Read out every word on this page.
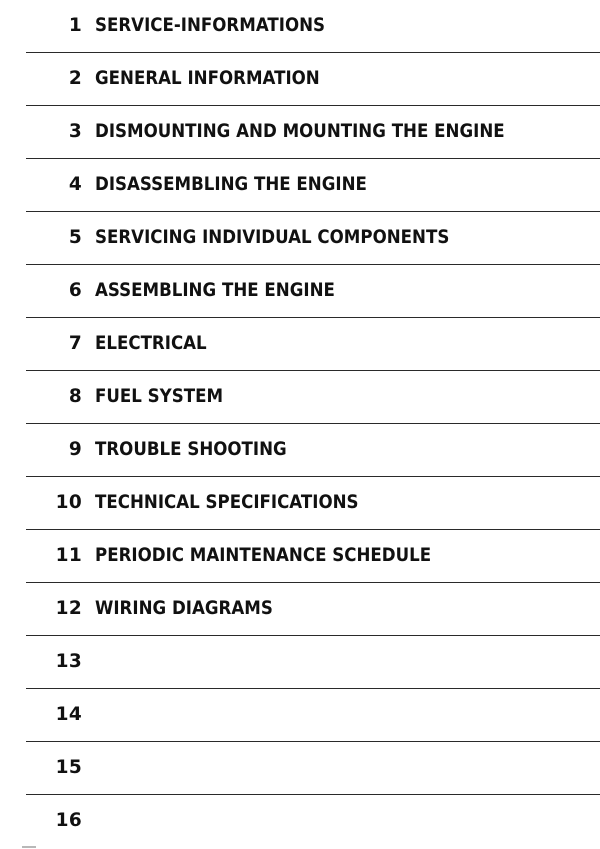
1 SERVICE-INFORMATIONS
2 GENERAL INFORMATION
3 DISMOUNTING AND MOUNTING THE ENGINE
4 DISASSEMBLING THE ENGINE
5 SERVICING INDIVIDUAL COMPONENTS
6 ASSEMBLING THE ENGINE
7 ELECTRICAL
8 FUEL SYSTEM
9 TROUBLE SHOOTING
10 TECHNICAL SPECIFICATIONS
11 PERIODIC MAINTENANCE SCHEDULE
12 WIRING DIAGRAMS
13
14
15
16
